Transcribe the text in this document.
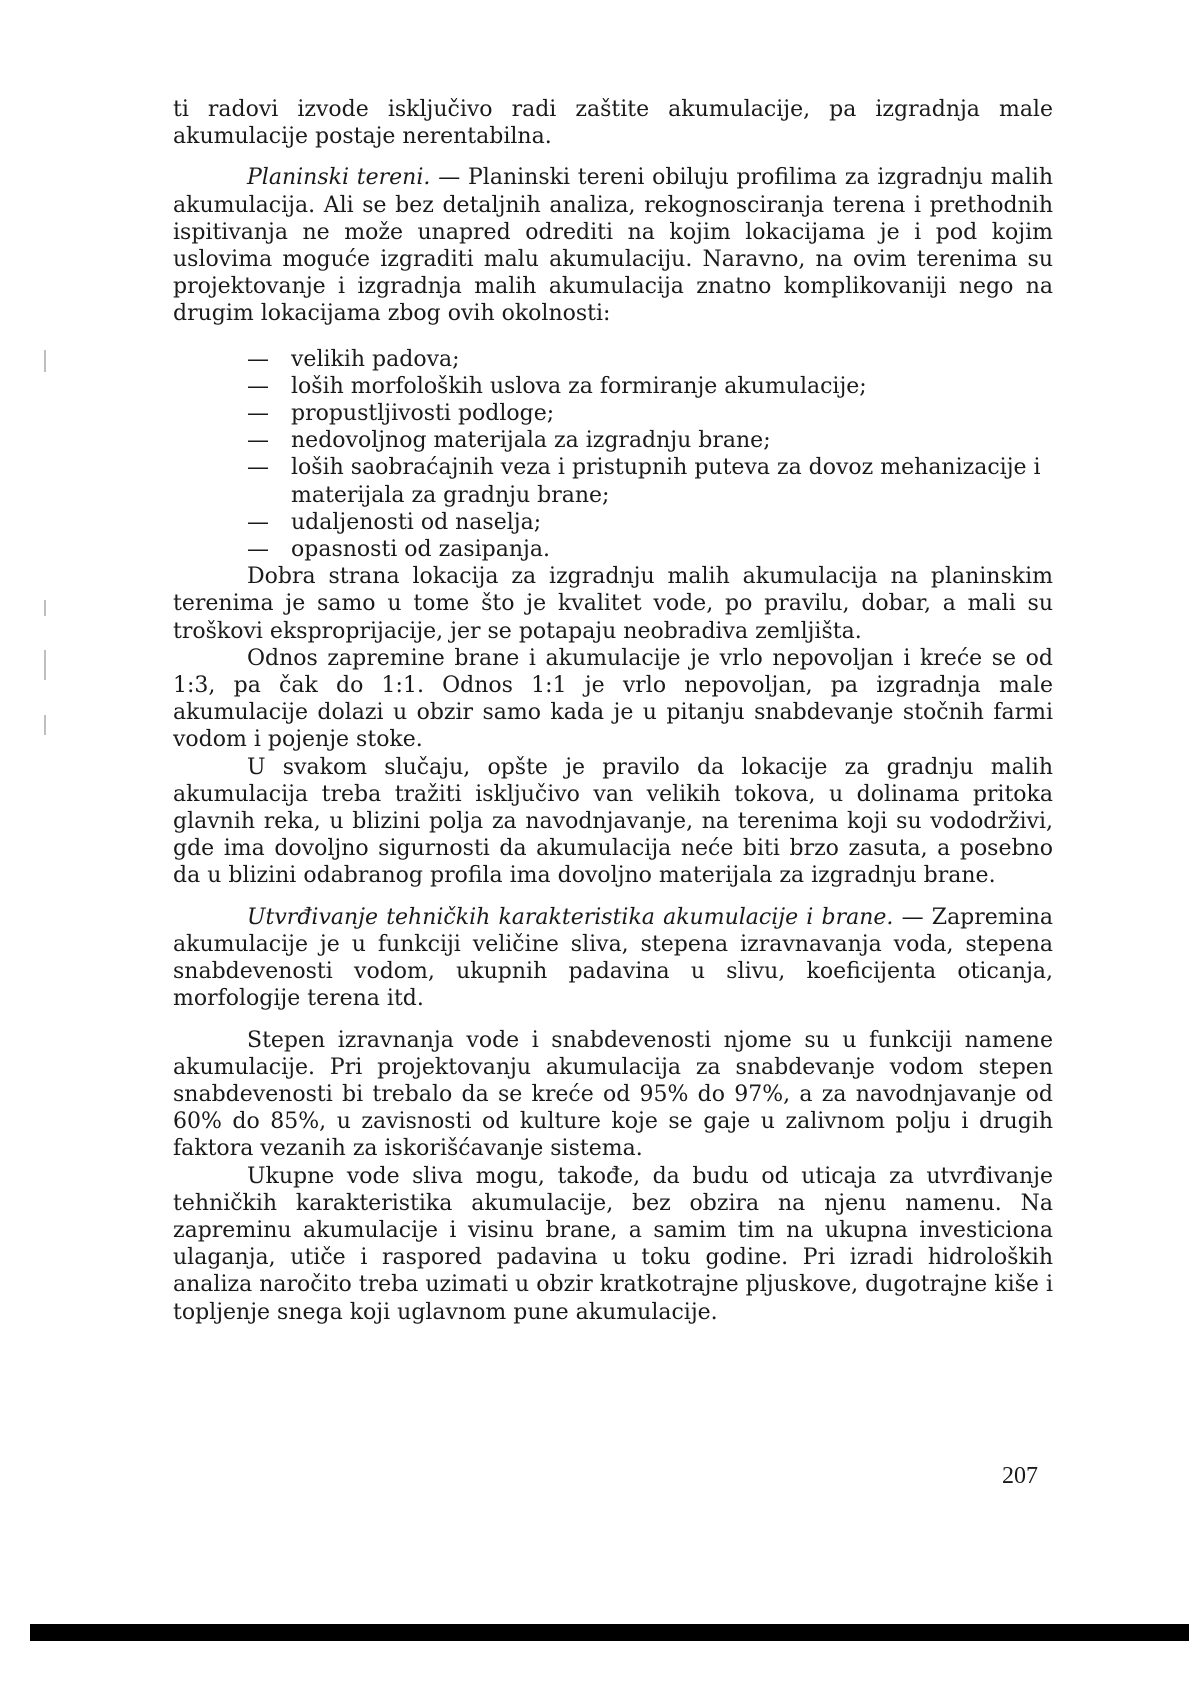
ti radovi izvode isključivo radi zaštite akumulacije, pa izgradnja male akumulacije postaje nerentabilna.

Planinski tereni. — Planinski tereni obiluju profilima za izgradnju malih akumulacija. Ali se bez detaljnih analiza, rekognosciranja terena i prethodnih ispitivanja ne može unapred odrediti na kojim lokacijama je i pod kojim uslovima moguće izgraditi malu akumulaciju. Naravno, na ovim terenima su projektovanje i izgradnja malih akumulacija znatno komplikovaniji nego na drugim lokacijama zbog ovih okolnosti:

— velikih padova;
— loših morfoloških uslova za formiranje akumulacije;
— propustljivosti podloge;
— nedovoljnog materijala za izgradnju brane;
— loših saobraćajnih veza i pristupnih puteva za dovoz mehanizacije i materijala za gradnju brane;
— udaljenosti od naselja;
— opasnosti od zasipanja.

Dobra strana lokacija za izgradnju malih akumulacija na planinskim terenima je samo u tome što je kvalitet vode, po pravilu, dobar, a mali su troškovi eksproprijacije, jer se potapaju neobradiva zemljišta.

Odnos zapremine brane i akumulacije je vrlo nepovoljan i kreće se od 1:3, pa čak do 1:1. Odnos 1:1 je vrlo nepovoljan, pa izgradnja male akumulacije dolazi u obzir samo kada je u pitanju snabdevanje stočnih farmi vodom i pojenje stoke.

U svakom slučaju, opšte je pravilo da lokacije za gradnju malih akumulacija treba tražiti isključivo van velikih tokova, u dolinama pritoka glavnih reka, u blizini polja za navodnjavanje, na terenima koji su vododrživi, gde ima dovoljno sigurnosti da akumulacija neće biti brzo zasuta, a posebno da u blizini odabranog profila ima dovoljno materijala za izgradnju brane.

Utvrđivanje tehničkih karakteristika akumulacije i brane. — Zapremina akumulacije je u funkciji veličine sliva, stepena izravnavanja voda, stepena snabdevenosti vodom, ukupnih padavina u slivu, koeficijenta oticanja, morfologije terena itd.

Stepen izravnanja vode i snabdevenosti njome su u funkciji namene akumulacije. Pri projektovanju akumulacija za snabdevanje vodom stepen snabdevenosti bi trebalo da se kreće od 95% do 97%, a za navodnjavanje od 60% do 85%, u zavisnosti od kulture koje se gaje u zalivnom polju i drugih faktora vezanih za iskorišćavanje sistema.

Ukupne vode sliva mogu, takođe, da budu od uticaja za utvrđivanje tehničkih karakteristika akumulacije, bez obzira na njenu namenu. Na zapreminu akumulacije i visinu brane, a samim tim na ukupna investiciona ulaganja, utiče i raspored padavina u toku godine. Pri izradi hidroloških analiza naročito treba uzimati u obzir kratkotrajne pljuskove, dugotrajne kiše i topljenje snega koji uglavnom pune akumulacije.

207
